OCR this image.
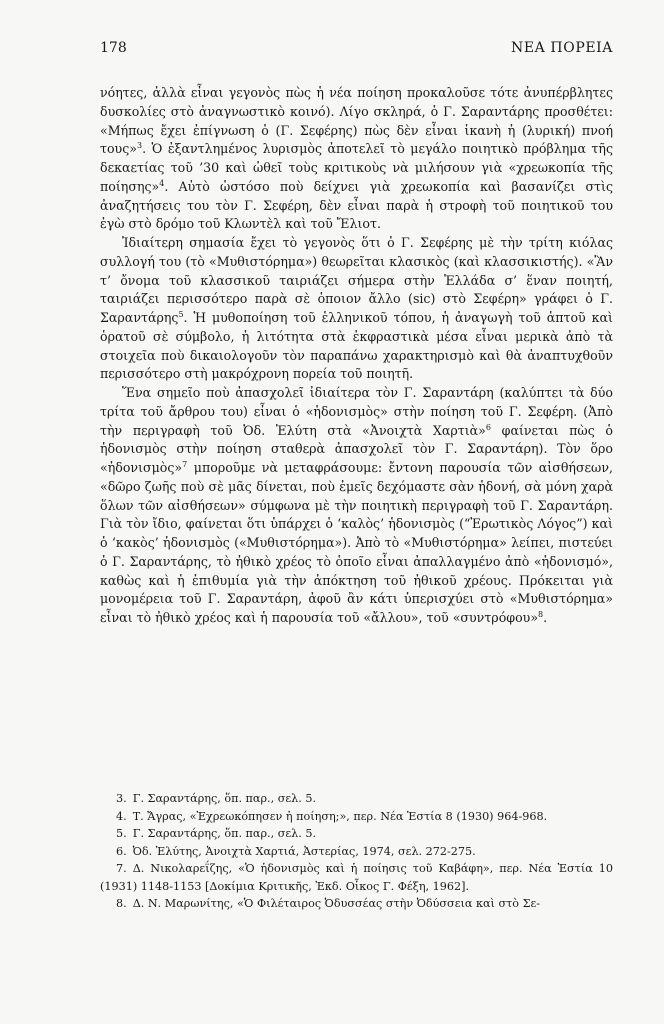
178	ΝΕΑ ΠΟΡΕΙΑ

νόητες, ἀλλὰ εἶναι γεγονὸς πὼς ἡ νέα ποίηση προκαλοῦσε τότε ἀνυπέρβλητες δυσκολίες στὸ ἀναγνωστικὸ κοινό). Λίγο σκληρά, ὁ Γ. Σαραντάρης προσθέτει: «Μήπως ἔχει ἐπίγνωση ὁ (Γ. Σεφέρης) πὼς δὲν εἶναι ἱκανὴ ἡ (λυρική) πνοή τους»$^3$. Ὁ ἐξαντλημένος λυρισμὸς ἀποτελεῖ τὸ μεγάλο ποιητικὸ πρόβλημα τῆς δεκαετίας τοῦ ’30 καὶ ὠθεῖ τοὺς κριτικοὺς νὰ μιλήσουν γιὰ «χρεωκοπία τῆς ποίησης»$^4$. Αὐτὸ ὡστόσο ποὺ δείχνει γιὰ χρεωκοπία καὶ βασανίζει στὶς ἀναζητήσεις του τὸν Γ. Σεφέρη, δὲν εἶναι παρὰ ἡ στροφὴ τοῦ ποιητικοῦ του ἐγὼ στὸ δρόμο τοῦ Κλωντὲλ καὶ τοῦ Ἔλιοτ.

Ἰδιαίτερη σημασία ἔχει τὸ γεγονὸς ὅτι ὁ Γ. Σεφέρης μὲ τὴν τρίτη κιόλας συλλογή του (τὸ «Μυθιστόρημα») θεωρεῖται κλασικὸς (καὶ κλασσικιστής). «Ἂν τ’ ὄνομα τοῦ κλασσικοῦ ταιριάζει σήμερα στὴν Ἑλλάδα σ’ ἕναν ποιητή, ταιριάζει περισσότερο παρὰ σὲ ὁποιον ἄλλο (sic) στὸ Σεφέρη» γράφει ὁ Γ. Σαραντάρης$^5$. Ἡ μυθοποίηση τοῦ ἑλληνικοῦ τόπου, ἡ ἀναγωγὴ τοῦ ἁπτοῦ καὶ ὁρατοῦ σὲ σύμβολο, ἡ λιτότητα στὰ ἐκφραστικὰ μέσα εἶναι μερικὰ ἀπὸ τὰ στοιχεῖα ποὺ δικαιολογοῦν τὸν παραπάνω χαρακτηρισμὸ καὶ θὰ ἀναπτυχθοῦν περισσότερο στὴ μακρόχρονη πορεία τοῦ ποιητῆ.

Ἕνα σημεῖο ποὺ ἀπασχολεῖ ἰδιαίτερα τὸν Γ. Σαραντάρη (καλύπτει τὰ δύο τρίτα τοῦ ἄρθρου του) εἶναι ὁ «ἡδονισμὸς» στὴν ποίηση τοῦ Γ. Σεφέρη. (Ἀπὸ τὴν περιγραφὴ τοῦ Ὀδ. Ἐλύτη στὰ «Ἀνοιχτὰ Χαρτιὰ»$^6$ φαίνεται πὼς ὁ ἡδονισμὸς στὴν ποίηση σταθερὰ ἀπασχολεῖ τὸν Γ. Σαραντάρη). Τὸν ὅρο «ἡδονισμὸς»$^7$ μποροῦμε νὰ μεταφράσουμε: ἔντονη παρουσία τῶν αἰσθήσεων, «δῶρο ζωῆς ποὺ σὲ μᾶς δίνεται, ποὺ ἐμεῖς δεχόμαστε σὰν ἡδονή, σὰ μόνη χαρὰ ὅλων τῶν αἰσθήσεων» σύμφωνα μὲ τὴν ποιητικὴ περιγραφὴ τοῦ Γ. Σαραντάρη. Γιὰ τὸν ἴδιο, φαίνεται ὅτι ὑπάρχει ὁ ‘καλὸς’ ἡδονισμὸς (“Ἐρωτικὸς Λόγος”) καὶ ὁ ‘κακὸς’ ἡδονισμὸς («Μυθιστόρημα»). Ἀπὸ τὸ «Μυθιστόρημα» λείπει, πιστεύει ὁ Γ. Σαραντάρης, τὸ ἠθικὸ χρέος τὸ ὁποῖο εἶναι ἀπαλλαγμένο ἀπὸ «ἡδονισμό», καθὼς καὶ ἡ ἐπιθυμία γιὰ τὴν ἀπόκτηση τοῦ ἠθικοῦ χρέους. Πρόκειται γιὰ μονομέρεια τοῦ Γ. Σαραντάρη, ἀφοῦ ἂν κάτι ὑπερισχύει στὸ «Μυθιστόρημα» εἶναι τὸ ἠθικὸ χρέος καὶ ἡ παρουσία τοῦ «ἄλλου», τοῦ «συντρόφου»$^8$.

3. Γ. Σαραντάρης, ὅπ. παρ., σελ. 5.

4. Τ. Ἄγρας, «Ἐχρεωκόπησεν ἡ ποίηση;», περ. Νέα Ἑστία 8 (1930) 964-968.

5. Γ. Σαραντάρης, ὅπ. παρ., σελ. 5.

6. Ὀδ. Ἐλύτης, Ἀνοιχτὰ Χαρτιά, Ἀστερίας, 1974, σελ. 272-275.

7. Δ. Νικολαρεΐζης, «Ὁ ἡδονισμὸς καὶ ἡ ποίησις τοῦ Καβάφη», περ. Νέα Ἑστία 10 (1931) 1148-1153 [Δοκίμια Κριτικῆς, Ἐκδ. Οἶκος Γ. Φέξη, 1962].

8. Δ. Ν. Μαρωνίτης, «Ὁ Φιλέταιρος Ὀδυσσέας στὴν Ὀδύσσεια καὶ στὸ Σε-
